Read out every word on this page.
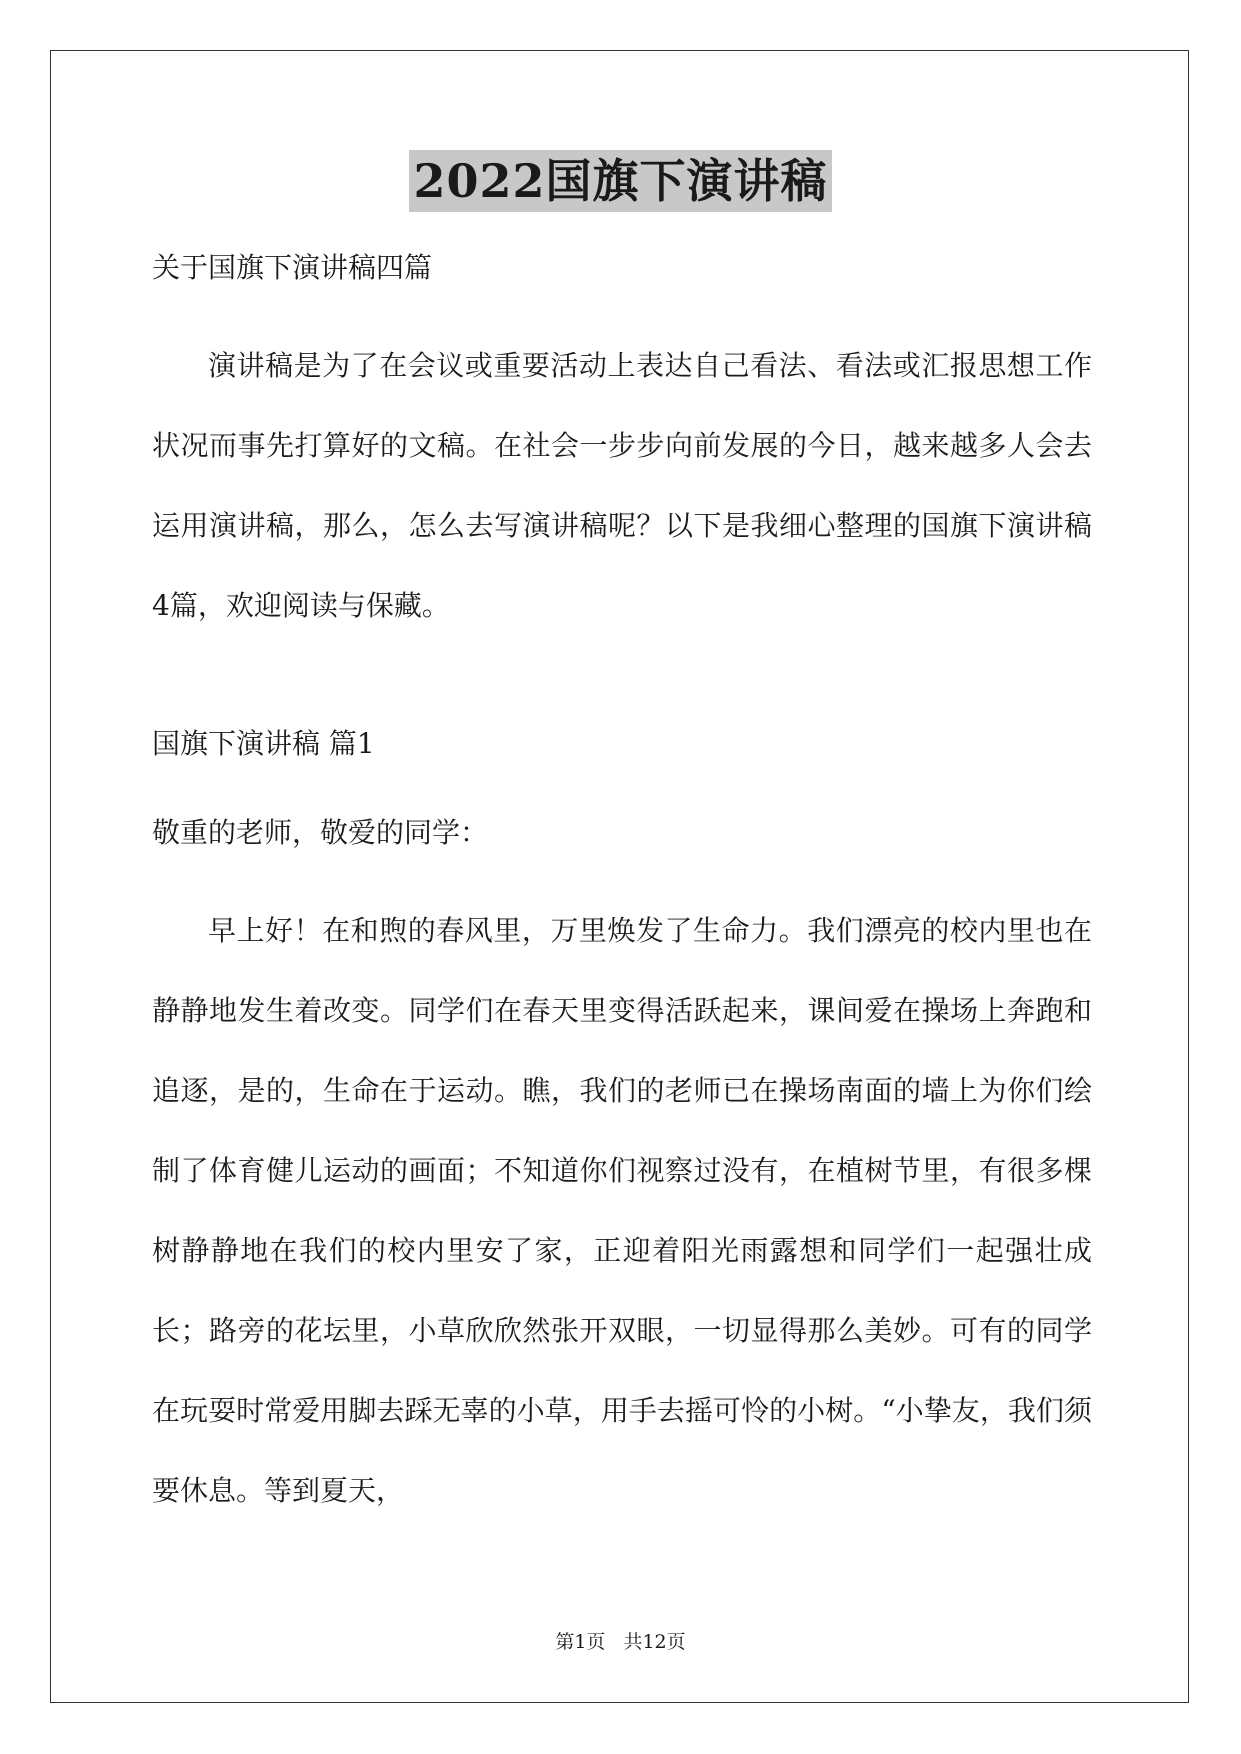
2022国旗下演讲稿
关于国旗下演讲稿四篇
演讲稿是为了在会议或重要活动上表达自己看法、看法或汇报思想工作状况而事先打算好的文稿。在社会一步步向前发展的今日，越来越多人会去运用演讲稿，那么，怎么去写演讲稿呢？以下是我细心整理的国旗下演讲稿4篇，欢迎阅读与保藏。
国旗下演讲稿 篇1
敬重的老师，敬爱的同学：
早上好！在和煦的春风里，万里焕发了生命力。我们漂亮的校内里也在静静地发生着改变。同学们在春天里变得活跃起来，课间爱在操场上奔跑和追逐，是的，生命在于运动。瞧，我们的老师已在操场南面的墙上为你们绘制了体育健儿运动的画面；不知道你们视察过没有，在植树节里，有很多棵树静静地在我们的校内里安了家，正迎着阳光雨露想和同学们一起强壮成长；路旁的花坛里，小草欣欣然张开双眼，一切显得那么美妙。可有的同学在玩耍时常爱用脚去踩无辜的小草，用手去摇可怜的小树。“小挚友，我们须要休息。等到夏天，
第1页 共12页
